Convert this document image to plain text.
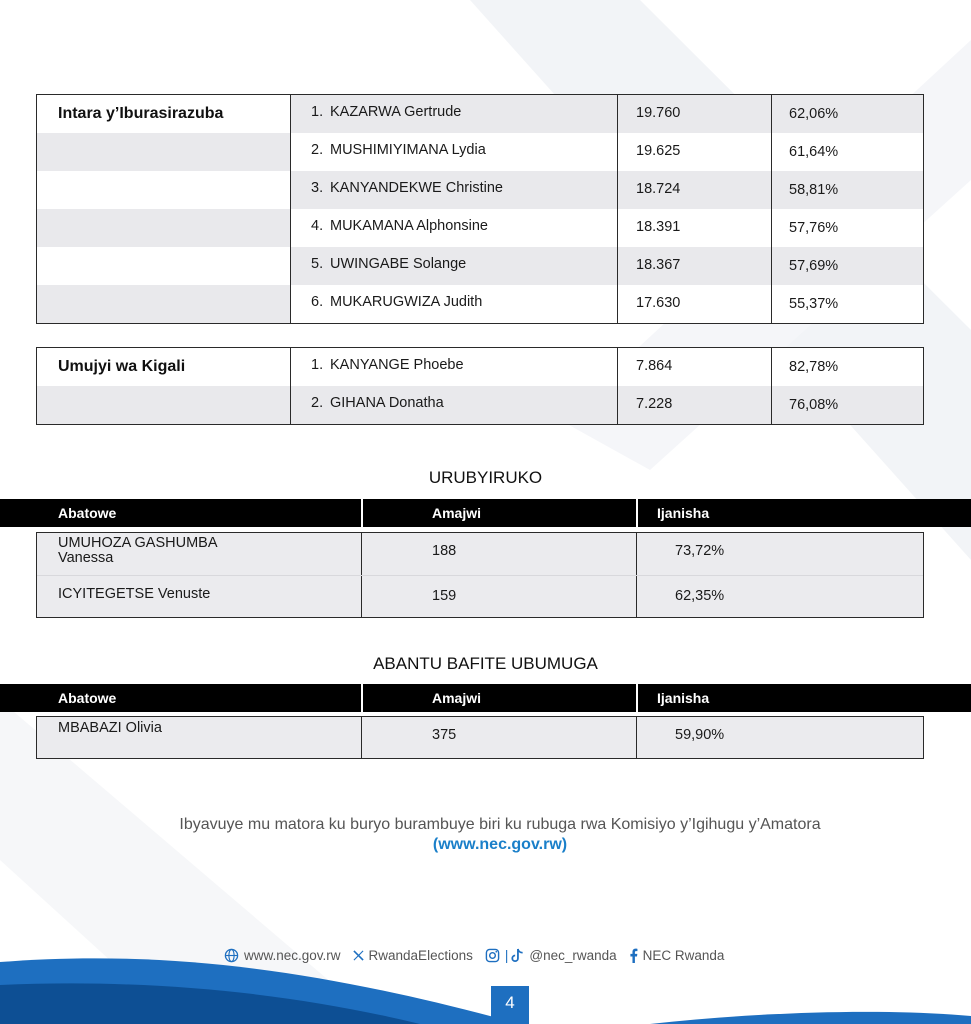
Intara y’Iburasirazuba	1. KAZARWA Gertrude	19.760	62,06%
2. MUSHIMIYIMANA Lydia	19.625	61,64%
3. KANYANDEKWE Christine	18.724	58,81%
4. MUKAMANA Alphonsine	18.391	57,76%
5. UWINGABE Solange	18.367	57,69%
6. MUKARUGWIZA Judith	17.630	55,37%
Umujyi wa Kigali	1. KANYANGE Phoebe	7.864	82,78%
2. GIHANA Donatha	7.228	76,08%
URUBYIRUKO
Abatowe	Amajwi	Ijanisha
UMUHOZA GASHUMBA
Vanessa	188	73,72%
ICYITEGETSE Venuste	159	62,35%
ABANTU BAFITE UBUMUGA
Abatowe	Amajwi	Ijanisha
MBABAZI Olivia	375	59,90%
Ibyavuye mu matora ku buryo burambuye biri ku rubuga rwa Komisiyo y’Igihugu y’Amatora
(www.nec.gov.rw)
www.nec.gov.rw RwandaElections | @nec_rwanda NEC Rwanda
4
